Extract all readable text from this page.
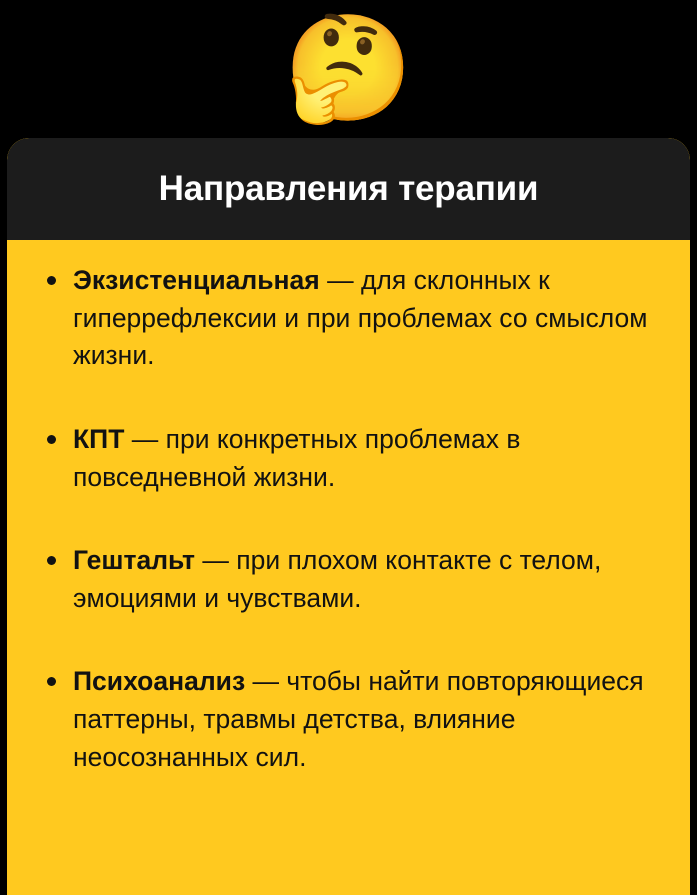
🤔
Направления терапии
Экзистенциальная — для склонных к гиперрефлексии и при проблемах со смыслом жизни.
КПТ — при конкретных проблемах в повседневной жизни.
Гештальт — при плохом контакте с телом, эмоциями и чувствами.
Психоанализ — чтобы найти повторяющиеся паттерны, травмы детства, влияние неосознанных сил.
